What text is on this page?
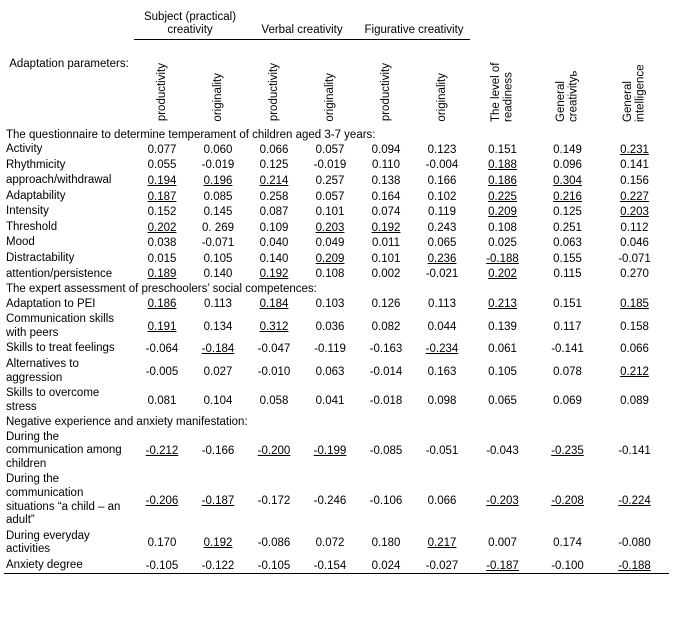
Adaptation parameters:	Subject (practical) creativity		Verbal creativity		Figurative creativity				
	productivity	originality	productivity	originality	productivity	originality	The level of readiness	General creativityь	General intelligence
The questionnaire to determine temperament of children aged 3-7 years:									
Activity	0.077	0.060	0.066	0.057	0.094	0.123	0.151	0.149	0.231
Rhythmicity	0.055	-0.019	0.125	-0.019	0.110	-0.004	0.188	0.096	0.141
approach/withdrawal	0.194	0.196	0.214	0.257	0.138	0.166	0.186	0.304	0.156
Adaptability	0.187	0.085	0.258	0.057	0.164	0.102	0.225	0.216	0.227
Intensity	0.152	0.145	0.087	0.101	0.074	0.119	0.209	0.125	0.203
Threshold	0.202	0. 269	0.109	0.203	0.192	0.243	0.108	0.251	0.112
Mood	0.038	-0.071	0.040	0.049	0.011	0.065	0.025	0.063	0.046
Distractability	0.015	0.105	0.140	0.209	0.101	0.236	-0.188	0.155	-0.071
attention/persistence	0.189	0.140	0.192	0.108	0.002	-0.021	0.202	0.115	0.270
The expert assessment of preschoolers’ social competences:									
Adaptation to PEI	0.186	0.113	0.184	0.103	0.126	0.113	0.213	0.151	0.185
Communication skills with peers	0.191	0.134	0.312	0.036	0.082	0.044	0.139	0.117	0.158
Skills to treat feelings	-0.064	-0.184	-0.047	-0.119	-0.163	-0.234	0.061	-0.141	0.066
Alternatives to aggression	-0.005	0.027	-0.010	0.063	-0.014	0.163	0.105	0.078	0.212
Skills to overcome stress	0.081	0.104	0.058	0.041	-0.018	0.098	0.065	0.069	0.089
Negative experience and anxiety manifestation:									
During the communication among children	-0.212	-0.166	-0.200	-0.199	-0.085	-0.051	-0.043	-0.235	-0.141
During the communication situations “a child – an adult”	-0.206	-0.187	-0.172	-0.246	-0.106	0.066	-0.203	-0.208	-0.224
During everyday activities	0.170	0.192	-0.086	0.072	0.180	0.217	0.007	0.174	-0.080
Anxiety degree	-0.105	-0.122	-0.105	-0.154	0.024	-0.027	-0.187	-0.100	-0.188
